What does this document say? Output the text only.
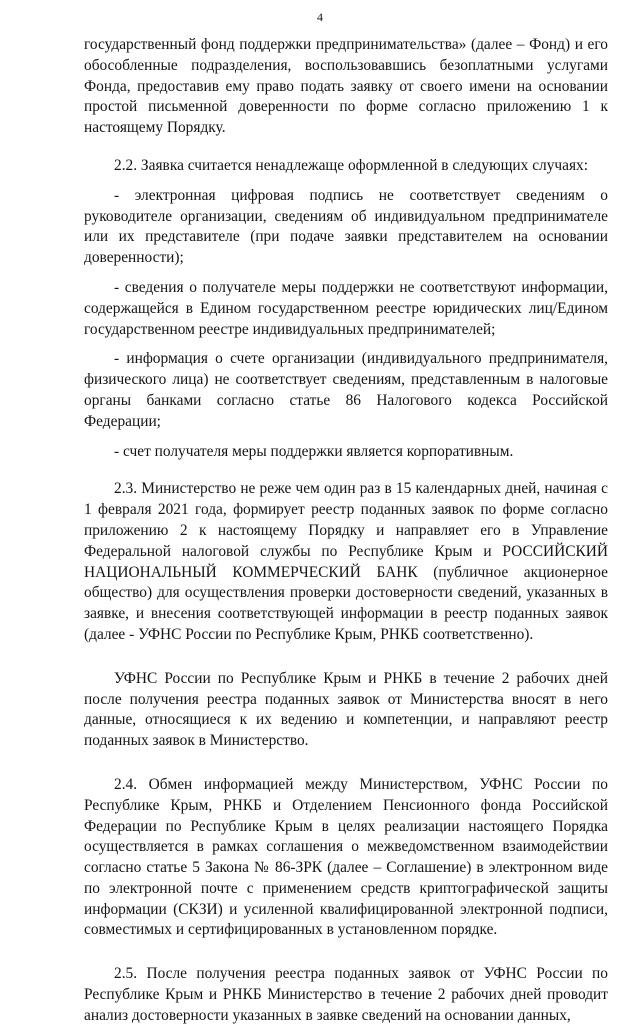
4

государственный фонд поддержки предпринимательства» (далее – Фонд) и его обособленные подразделения, воспользовавшись безоплатными услугами Фонда, предоставив ему право подать заявку от своего имени на основании простой письменной доверенности по форме согласно приложению 1 к настоящему Порядку.

2.2. Заявка считается ненадлежаще оформленной в следующих случаях:

- электронная цифровая подпись не соответствует сведениям о руководителе организации, сведениям об индивидуальном предпринимателе или их представителе (при подаче заявки представителем на основании доверенности);

- сведения о получателе меры поддержки не соответствуют информации, содержащейся в Едином государственном реестре юридических лиц/Едином государственном реестре индивидуальных предпринимателей;

- информация о счете организации (индивидуального предпринимателя, физического лица) не соответствует сведениям, представленным в налоговые органы банками согласно статье 86 Налогового кодекса Российской Федерации;

- счет получателя меры поддержки является корпоративным.

2.3. Министерство не реже чем один раз в 15 календарных дней, начиная с 1 февраля 2021 года, формирует реестр поданных заявок по форме согласно приложению 2 к настоящему Порядку и направляет его в Управление Федеральной налоговой службы по Республике Крым и РОССИЙСКИЙ НАЦИОНАЛЬНЫЙ КОММЕРЧЕСКИЙ БАНК (публичное акционерное общество) для осуществления проверки достоверности сведений, указанных в заявке, и внесения соответствующей информации в реестр поданных заявок (далее - УФНС России по Республике Крым, РНКБ соответственно).

УФНС России по Республике Крым и РНКБ в течение 2 рабочих дней после получения реестра поданных заявок от Министерства вносят в него данные, относящиеся к их ведению и компетенции, и направляют реестр поданных заявок в Министерство.

2.4. Обмен информацией между Министерством, УФНС России по Республике Крым, РНКБ и Отделением Пенсионного фонда Российской Федерации по Республике Крым в целях реализации настоящего Порядка осуществляется в рамках соглашения о межведомственном взаимодействии согласно статье 5 Закона № 86-ЗРК (далее – Соглашение) в электронном виде по электронной почте с применением средств криптографической защиты информации (СКЗИ) и усиленной квалифицированной электронной подписи, совместимых и сертифицированных в установленном порядке.

2.5. После получения реестра поданных заявок от УФНС России по Республике Крым и РНКБ Министерство в течение 2 рабочих дней проводит анализ достоверности указанных в заявке сведений на основании данных,
